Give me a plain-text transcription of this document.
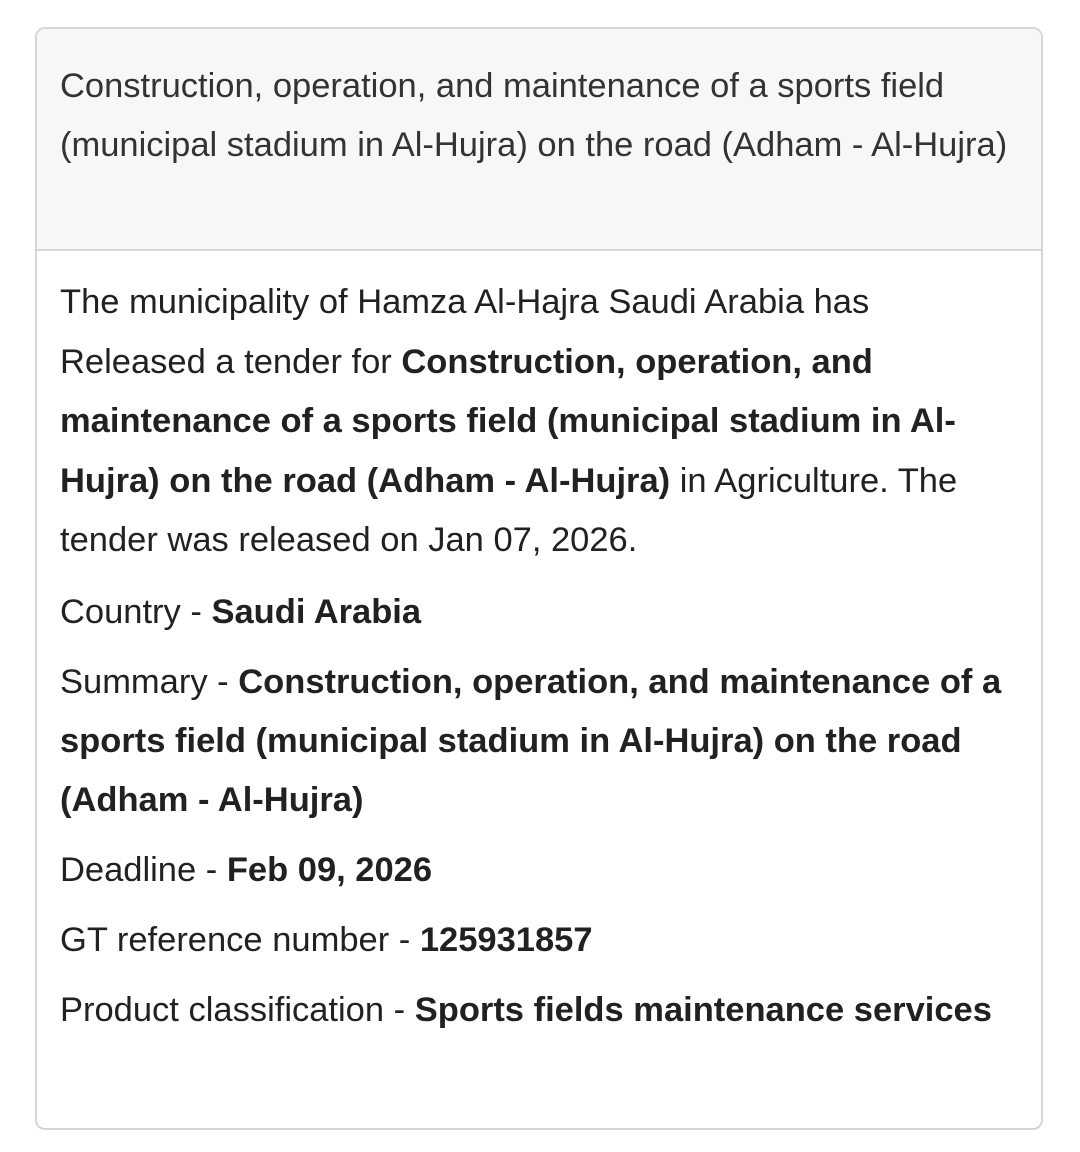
Construction, operation, and maintenance of a sports field (municipal stadium in Al-Hujra) on the road (Adham - Al-Hujra)

The municipality of Hamza Al-Hajra Saudi Arabia has Released a tender for Construction, operation, and maintenance of a sports field (municipal stadium in Al-Hujra) on the road (Adham - Al-Hujra) in Agriculture. The tender was released on Jan 07, 2026.

Country - Saudi Arabia

Summary - Construction, operation, and maintenance of a sports field (municipal stadium in Al-Hujra) on the road (Adham - Al-Hujra)

Deadline - Feb 09, 2026

GT reference number - 125931857

Product classification - Sports fields maintenance services
